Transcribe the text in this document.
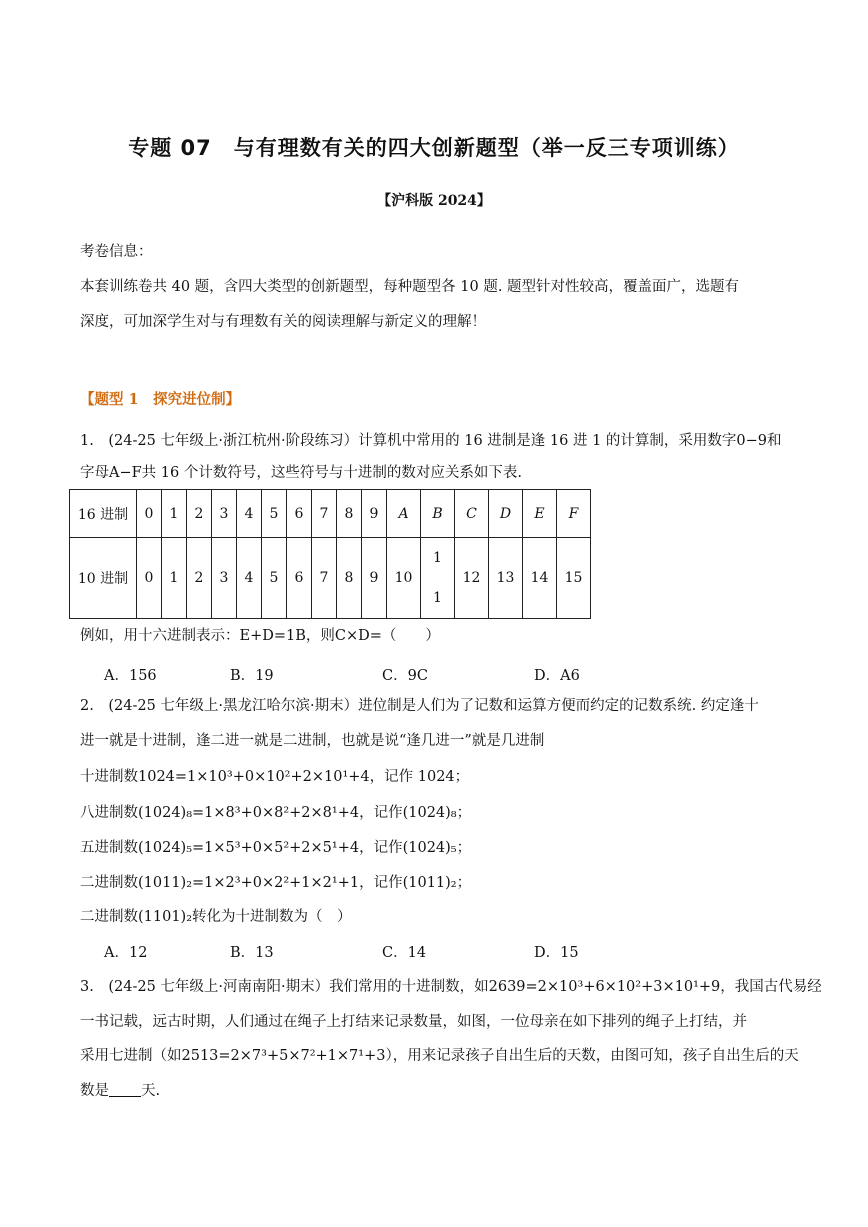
专题 07　与有理数有关的四大创新题型（举一反三专项训练）
【沪科版 2024】
考卷信息：
本套训练卷共 40 题，含四大类型的创新题型，每种题型各 10 题. 题型针对性较高，覆盖面广，选题有
深度，可加深学生对与有理数有关的阅读理解与新定义的理解！
【题型 1　探究进位制】
1.　(24-25 七年级上·浙江杭州·阶段练习）计算机中常用的 16 进制是逢 16 进 1 的计算制，采用数字0−9和
字母A−F共 16 个计数符号，这些符号与十进制的数对应关系如下表.
16 进制	0	1	2	3	4	5	6	7	8	9	A	B	C	D	E	F
10 进制	0	1	2	3	4	5	6	7	8	9	10	1
1	12	13	14	15
例如，用十六进制表示：E+D=1B，则C×D=（　　）
A．156	B．19	C．9C	D．A6
2.　(24-25 七年级上·黑龙江哈尔滨·期末）进位制是人们为了记数和运算方便而约定的记数系统. 约定逢十
进一就是十进制，逢二进一就是二进制，也就是说“逢几进一”就是几进制
十进制数1024=1×10³+0×10²+2×10¹+4，记作 1024；
八进制数(1024)₈=1×8³+0×8²+2×8¹+4，记作(1024)₈；
五进制数(1024)₅=1×5³+0×5²+2×5¹+4，记作(1024)₅；
二进制数(1011)₂=1×2³+0×2²+1×2¹+1，记作(1011)₂；
二进制数(1101)₂转化为十进制数为（　）
A．12	B．13	C．14	D．15
3.　(24-25 七年级上·河南南阳·期末）我们常用的十进制数，如2639=2×10³+6×10²+3×10¹+9，我国古代易经
一书记载，远古时期，人们通过在绳子上打结来记录数量，如图，一位母亲在如下排列的绳子上打结，并
采用七进制（如2513=2×7³+5×7²+1×7¹+3），用来记录孩子自出生后的天数，由图可知，孩子自出生后的天
数是 天.
